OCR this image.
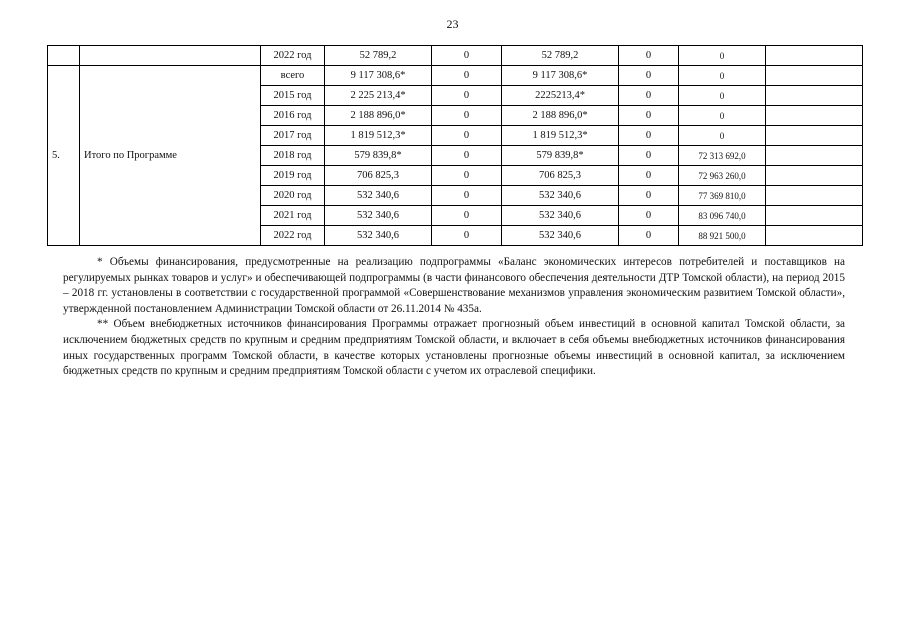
23
		2022 год	52 789,2	0	52 789,2	0	0	
5.	Итого по Программе	всего	9 117 308,6*	0	9 117 308,6*	0	0	
		2015 год	2 225 213,4*	0	2225213,4*	0	0	
		2016 год	2 188 896,0*	0	2 188 896,0*	0	0	
		2017 год	1 819 512,3*	0	1 819 512,3*	0	0	
		2018 год	579 839,8*	0	579 839,8*	0	72 313 692,0	
		2019 год	706 825,3	0	706 825,3	0	72 963 260,0	
		2020 год	532 340,6	0	532 340,6	0	77 369 810,0	
		2021 год	532 340,6	0	532 340,6	0	83 096 740,0	
		2022 год	532 340,6	0	532 340,6	0	88 921 500,0	

* Объемы финансирования, предусмотренные на реализацию подпрограммы «Баланс экономических интересов потребителей и поставщиков на регулируемых рынках товаров и услуг» и обеспечивающей подпрограммы (в части финансового обеспечения деятельности ДТР Томской области), на период 2015 – 2018 гг. установлены в соответствии с государственной программой «Совершенствование механизмов управления экономическим развитием Томской области», утвержденной постановлением Администрации Томской области от 26.11.2014 № 435а.

** Объем внебюджетных источников финансирования Программы отражает прогнозный объем инвестиций в основной капитал Томской области, за исключением бюджетных средств по крупным и средним предприятиям Томской области, и включает в себя объемы внебюджетных источников финансирования иных государственных программ Томской области, в качестве которых установлены прогнозные объемы инвестиций в основной капитал, за исключением бюджетных средств по крупным и средним предприятиям Томской области с учетом их отраслевой специфики.
